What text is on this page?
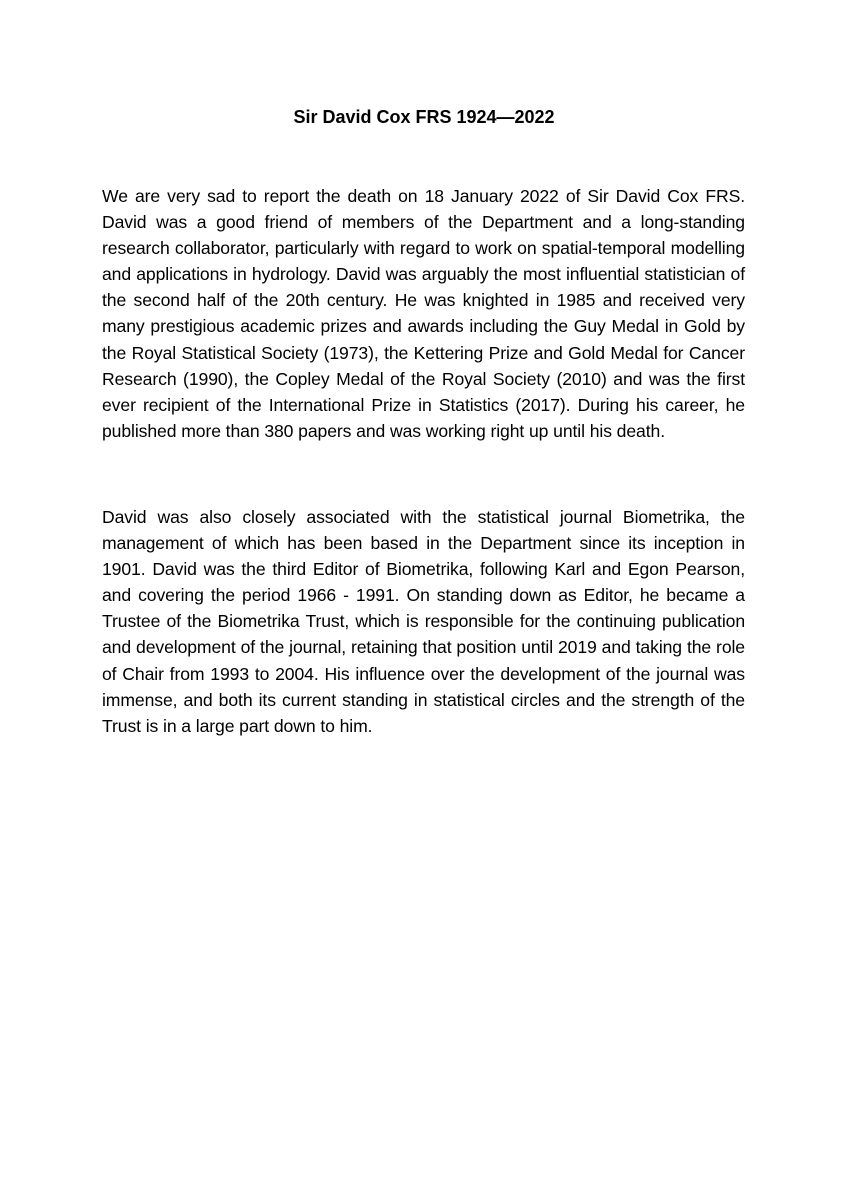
Sir David Cox FRS 1924—2022

We are very sad to report the death on 18 January 2022 of Sir David Cox FRS. David was a good friend of members of the Department and a long-standing research collaborator, particularly with regard to work on spatial-temporal modelling and applications in hydrology. David was arguably the most influential statistician of the second half of the 20th century. He was knighted in 1985 and received very many prestigious academic prizes and awards including the Guy Medal in Gold by the Royal Statistical Society (1973), the Kettering Prize and Gold Medal for Cancer Research (1990), the Copley Medal of the Royal Society (2010) and was the first ever recipient of the International Prize in Statistics (2017). During his career, he published more than 380 papers and was working right up until his death.

David was also closely associated with the statistical journal Biometrika, the management of which has been based in the Department since its inception in 1901. David was the third Editor of Biometrika, following Karl and Egon Pearson, and covering the period 1966 - 1991. On standing down as Editor, he became a Trustee of the Biometrika Trust, which is responsible for the continuing publication and development of the journal, retaining that position until 2019 and taking the role of Chair from 1993 to 2004. His influence over the development of the journal was immense, and both its current standing in statistical circles and the strength of the Trust is in a large part down to him.
